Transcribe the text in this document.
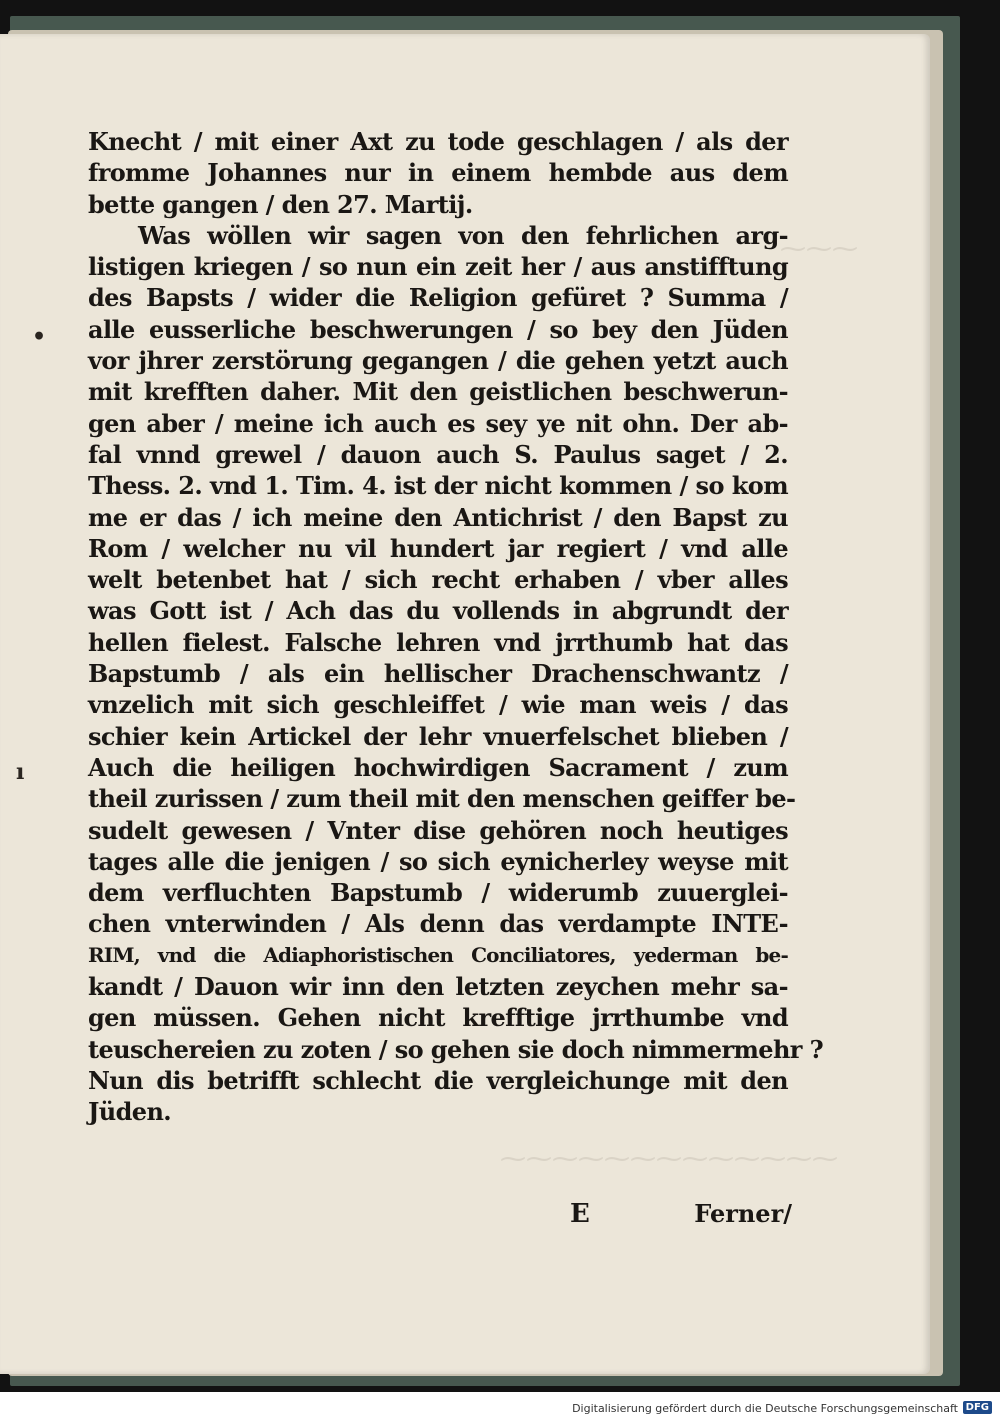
⁓⁓⁓
⁓⁓⁓⁓⁓⁓⁓⁓⁓⁓⁓⁓⁓
•
ı
Knecht / mit einer Axt zu tode geschlagen / als der
fromme Johannes nur in einem hembde aus dem
bette gangen / den 27. Martij.
Was wöllen wir sagen von den fehrlichen arg-
listigen kriegen / so nun ein zeit her / aus anstifftung
des Bapsts / wider die Religion gefüret ? Summa /
alle eusserliche beschwerungen / so bey den Jüden
vor jhrer zerstörung gegangen / die gehen yetzt auch
mit krefften daher. Mit den geistlichen beschwerun-
gen aber / meine ich auch es sey ye nit ohn. Der ab-
fal vnnd grewel / dauon auch S. Paulus saget / 2.
Thess. 2. vnd 1. Tim. 4. ist der nicht kommen / so kom
me er das / ich meine den Antichrist / den Bapst zu
Rom / welcher nu vil hundert jar regiert / vnd alle
welt betenbet hat / sich recht erhaben / vber alles
was Gott ist / Ach das du vollends in abgrundt der
hellen fielest. Falsche lehren vnd jrrthumb hat das
Bapstumb / als ein hellischer Drachenschwantz /
vnzelich mit sich geschleiffet / wie man weis / das
schier kein Artickel der lehr vnuerfelschet blieben /
Auch die heiligen hochwirdigen Sacrament / zum
theil zurissen / zum theil mit den menschen geiffer be-
sudelt gewesen / Vnter dise gehören noch heutiges
tages alle die jenigen / so sich eynicherley weyse mit
dem verfluchten Bapstumb / widerumb zuuerglei-
chen vnterwinden / Als denn das verdampte INTE-
RIM, vnd die Adiaphoristischen Conciliatores, yederman be-
kandt / Dauon wir inn den letzten zeychen mehr sa-
gen müssen. Gehen nicht krefftige jrrthumbe vnd
teuschereien zu zoten / so gehen sie doch nimmermehr ?
Nun dis betrifft schlecht die vergleichunge mit den
Jüden.
E	Ferner/
Digitalisierung gefördert durch die Deutsche Forschungsgemeinschaft DFG
